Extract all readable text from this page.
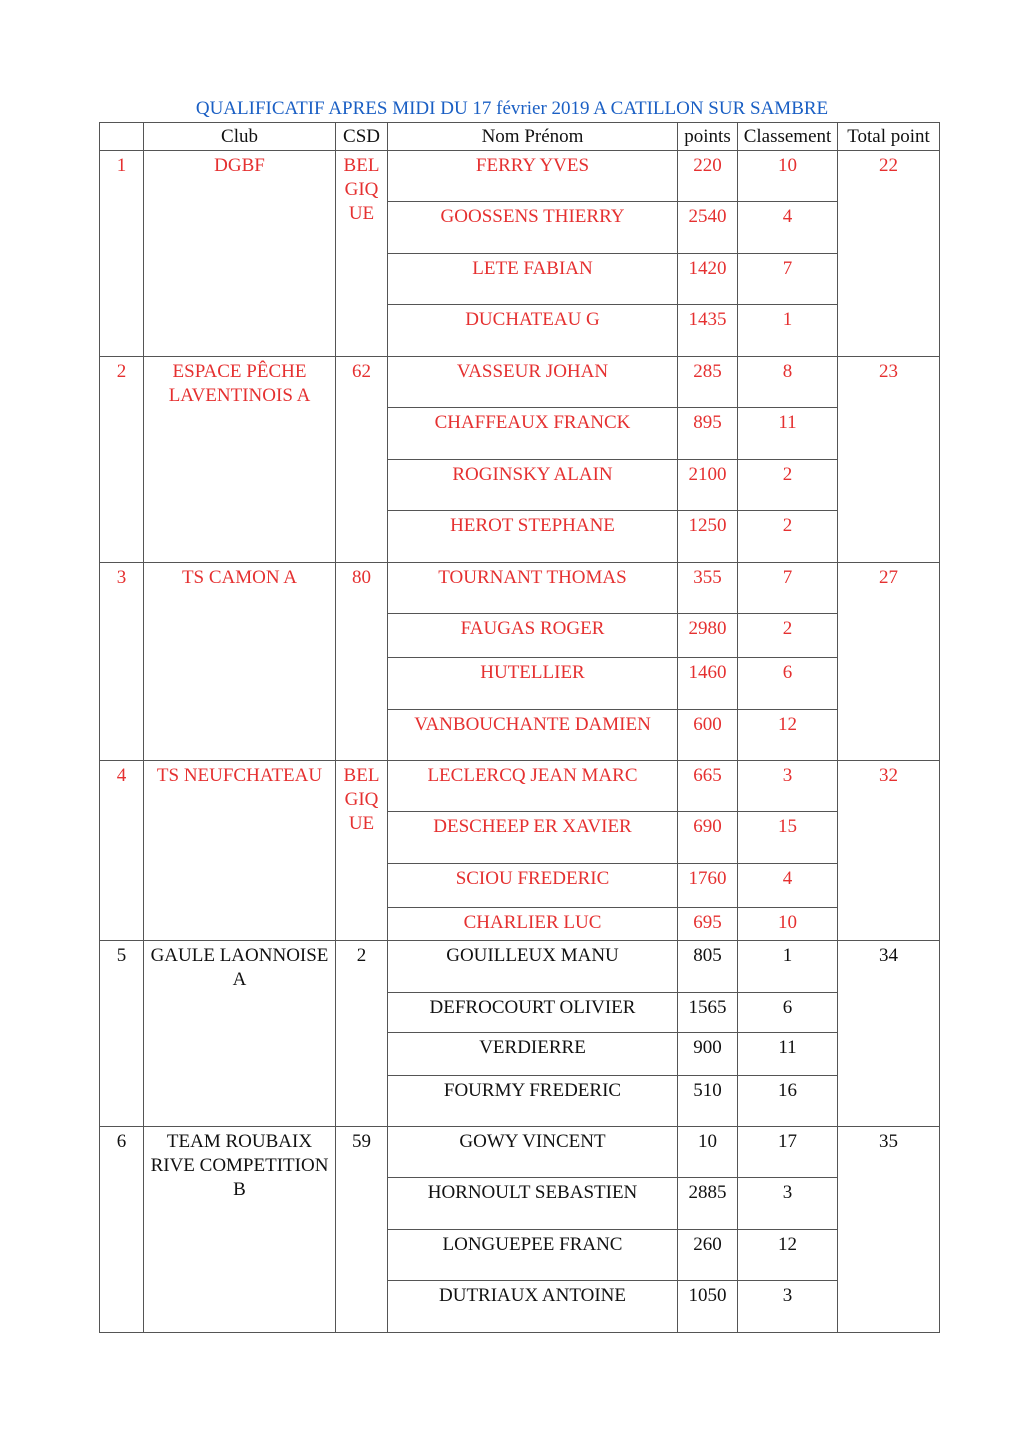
QUALIFICATIF APRES MIDI DU 17 février 2019 A CATILLON SUR SAMBRE
	Club	CSD	Nom Prénom	points	Classement	Total point
1	DGBF	BELGIQUE	FERRY YVES	220	10	22
			GOOSSENS THIERRY	2540	4	
			LETE FABIAN	1420	7	
			DUCHATEAU G	1435	1	
2	ESPACE PÊCHE LAVENTINOIS A	62	VASSEUR JOHAN	285	8	23
			CHAFFEAUX FRANCK	895	11	
			ROGINSKY ALAIN	2100	2	
			HEROT STEPHANE	1250	2	
3	TS CAMON A	80	TOURNANT THOMAS	355	7	27
			FAUGAS ROGER	2980	2	
			HUTELLIER	1460	6	
			VANBOUCHANTE DAMIEN	600	12	
4	TS NEUFCHATEAU	BELGIQUE	LECLERCQ JEAN MARC	665	3	32
			DESCHEEP ER XAVIER	690	15	
			SCIOU FREDERIC	1760	4	
			CHARLIER LUC	695	10	
5	GAULE LAONNOISE A	2	GOUILLEUX MANU	805	1	34
			DEFROCOURT OLIVIER	1565	6	
			VERDIERRE	900	11	
			FOURMY FREDERIC	510	16	
6	TEAM ROUBAIX RIVE COMPETITION B	59	GOWY VINCENT	10	17	35
			HORNOULT SEBASTIEN	2885	3	
			LONGUEPEE FRANC	260	12	
			DUTRIAUX ANTOINE	1050	3	
